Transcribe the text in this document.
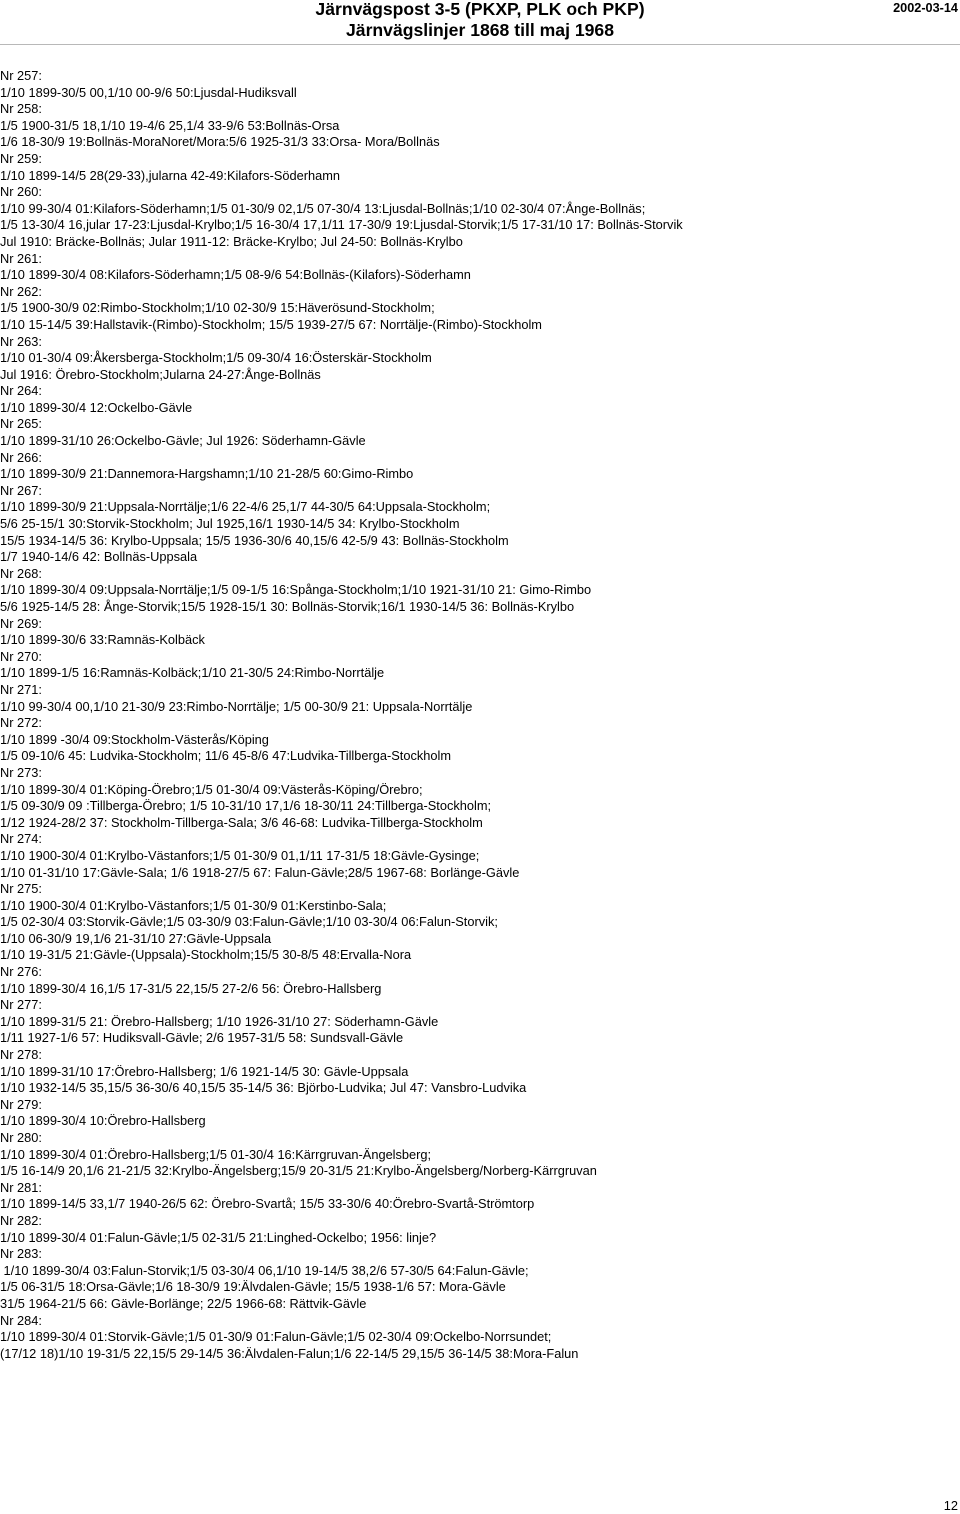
Järnvägspost 3-5 (PKXP, PLK och PKP)
Järnvägslinjer 1868 till maj 1968
2002-03-14
Nr 257:
1/10 1899-30/5 00,1/10 00-9/6 50:Ljusdal-Hudiksvall
Nr 258:
1/5 1900-31/5 18,1/10 19-4/6 25,1/4 33-9/6 53:Bollnäs-Orsa
1/6 18-30/9 19:Bollnäs-MoraNoret/Mora:5/6 1925-31/3 33:Orsa- Mora/Bollnäs
Nr 259:
1/10 1899-14/5 28(29-33),jularna 42-49:Kilafors-Söderhamn
Nr 260:
1/10 99-30/4 01:Kilafors-Söderhamn;1/5 01-30/9 02,1/5 07-30/4 13:Ljusdal-Bollnäs;1/10 02-30/4 07:Ånge-Bollnäs;
1/5 13-30/4 16,jular 17-23:Ljusdal-Krylbo;1/5 16-30/4 17,1/11 17-30/9 19:Ljusdal-Storvik;1/5 17-31/10 17: Bollnäs-Storvik
Jul 1910: Bräcke-Bollnäs; Jular 1911-12: Bräcke-Krylbo; Jul 24-50: Bollnäs-Krylbo
Nr 261:
1/10 1899-30/4 08:Kilafors-Söderhamn;1/5 08-9/6 54:Bollnäs-(Kilafors)-Söderhamn
Nr 262:
1/5 1900-30/9 02:Rimbo-Stockholm;1/10 02-30/9 15:Häverösund-Stockholm;
1/10 15-14/5 39:Hallstavik-(Rimbo)-Stockholm; 15/5 1939-27/5 67: Norrtälje-(Rimbo)-Stockholm
Nr 263:
1/10 01-30/4 09:Åkersberga-Stockholm;1/5 09-30/4 16:Österskär-Stockholm
Jul 1916: Örebro-Stockholm;Jularna 24-27:Ånge-Bollnäs
Nr 264:
1/10 1899-30/4 12:Ockelbo-Gävle
Nr 265:
1/10 1899-31/10 26:Ockelbo-Gävle; Jul 1926: Söderhamn-Gävle
Nr 266:
1/10 1899-30/9 21:Dannemora-Hargshamn;1/10 21-28/5 60:Gimo-Rimbo
Nr 267:
1/10 1899-30/9 21:Uppsala-Norrtälje;1/6 22-4/6 25,1/7 44-30/5 64:Uppsala-Stockholm;
5/6 25-15/1 30:Storvik-Stockholm; Jul 1925,16/1 1930-14/5 34: Krylbo-Stockholm
15/5 1934-14/5 36: Krylbo-Uppsala; 15/5 1936-30/6 40,15/6 42-5/9 43: Bollnäs-Stockholm
1/7 1940-14/6 42: Bollnäs-Uppsala
Nr 268:
1/10 1899-30/4 09:Uppsala-Norrtälje;1/5 09-1/5 16:Spånga-Stockholm;1/10 1921-31/10 21: Gimo-Rimbo
5/6 1925-14/5 28: Ånge-Storvik;15/5 1928-15/1 30: Bollnäs-Storvik;16/1 1930-14/5 36: Bollnäs-Krylbo
Nr 269:
1/10 1899-30/6 33:Ramnäs-Kolbäck
Nr 270:
1/10 1899-1/5 16:Ramnäs-Kolbäck;1/10 21-30/5 24:Rimbo-Norrtälje
Nr 271:
1/10 99-30/4 00,1/10 21-30/9 23:Rimbo-Norrtälje; 1/5 00-30/9 21: Uppsala-Norrtälje
Nr 272:
1/10 1899 -30/4 09:Stockholm-Västerås/Köping
1/5 09-10/6 45: Ludvika-Stockholm; 11/6 45-8/6 47:Ludvika-Tillberga-Stockholm
Nr 273:
1/10 1899-30/4 01:Köping-Örebro;1/5 01-30/4 09:Västerås-Köping/Örebro;
1/5 09-30/9 09 :Tillberga-Örebro; 1/5 10-31/10 17,1/6 18-30/11 24:Tillberga-Stockholm;
1/12 1924-28/2 37: Stockholm-Tillberga-Sala; 3/6 46-68: Ludvika-Tillberga-Stockholm
Nr 274:
1/10 1900-30/4 01:Krylbo-Västanfors;1/5 01-30/9 01,1/11 17-31/5 18:Gävle-Gysinge;
1/10 01-31/10 17:Gävle-Sala; 1/6 1918-27/5 67: Falun-Gävle;28/5 1967-68: Borlänge-Gävle
Nr 275:
1/10 1900-30/4 01:Krylbo-Västanfors;1/5 01-30/9 01:Kerstinbo-Sala;
1/5 02-30/4 03:Storvik-Gävle;1/5 03-30/9 03:Falun-Gävle;1/10 03-30/4 06:Falun-Storvik;
1/10 06-30/9 19,1/6 21-31/10 27:Gävle-Uppsala
1/10 19-31/5 21:Gävle-(Uppsala)-Stockholm;15/5 30-8/5 48:Ervalla-Nora
Nr 276:
1/10 1899-30/4 16,1/5 17-31/5 22,15/5 27-2/6 56: Örebro-Hallsberg
Nr 277:
1/10 1899-31/5 21: Örebro-Hallsberg; 1/10 1926-31/10 27: Söderhamn-Gävle
1/11 1927-1/6 57: Hudiksvall-Gävle; 2/6 1957-31/5 58: Sundsvall-Gävle
Nr 278:
1/10 1899-31/10 17:Örebro-Hallsberg; 1/6 1921-14/5 30: Gävle-Uppsala
1/10 1932-14/5 35,15/5 36-30/6 40,15/5 35-14/5 36: Björbo-Ludvika; Jul 47: Vansbro-Ludvika
Nr 279:
1/10 1899-30/4 10:Örebro-Hallsberg
Nr 280:
1/10 1899-30/4 01:Örebro-Hallsberg;1/5 01-30/4 16:Kärrgruvan-Ängelsberg;
1/5 16-14/9 20,1/6 21-21/5 32:Krylbo-Ängelsberg;15/9 20-31/5 21:Krylbo-Ängelsberg/Norberg-Kärrgruvan
Nr 281:
1/10 1899-14/5 33,1/7 1940-26/5 62: Örebro-Svartå; 15/5 33-30/6 40:Örebro-Svartå-Strömtorp
Nr 282:
1/10 1899-30/4 01:Falun-Gävle;1/5 02-31/5 21:Linghed-Ockelbo; 1956: linje?
Nr 283:
1/10 1899-30/4 03:Falun-Storvik;1/5 03-30/4 06,1/10 19-14/5 38,2/6 57-30/5 64:Falun-Gävle;
1/5 06-31/5 18:Orsa-Gävle;1/6 18-30/9 19:Älvdalen-Gävle; 15/5 1938-1/6 57: Mora-Gävle
31/5 1964-21/5 66: Gävle-Borlänge; 22/5 1966-68: Rättvik-Gävle
Nr 284:
1/10 1899-30/4 01:Storvik-Gävle;1/5 01-30/9 01:Falun-Gävle;1/5 02-30/4 09:Ockelbo-Norrsundet;
(17/12 18)1/10 19-31/5 22,15/5 29-14/5 36:Älvdalen-Falun;1/6 22-14/5 29,15/5 36-14/5 38:Mora-Falun
12
